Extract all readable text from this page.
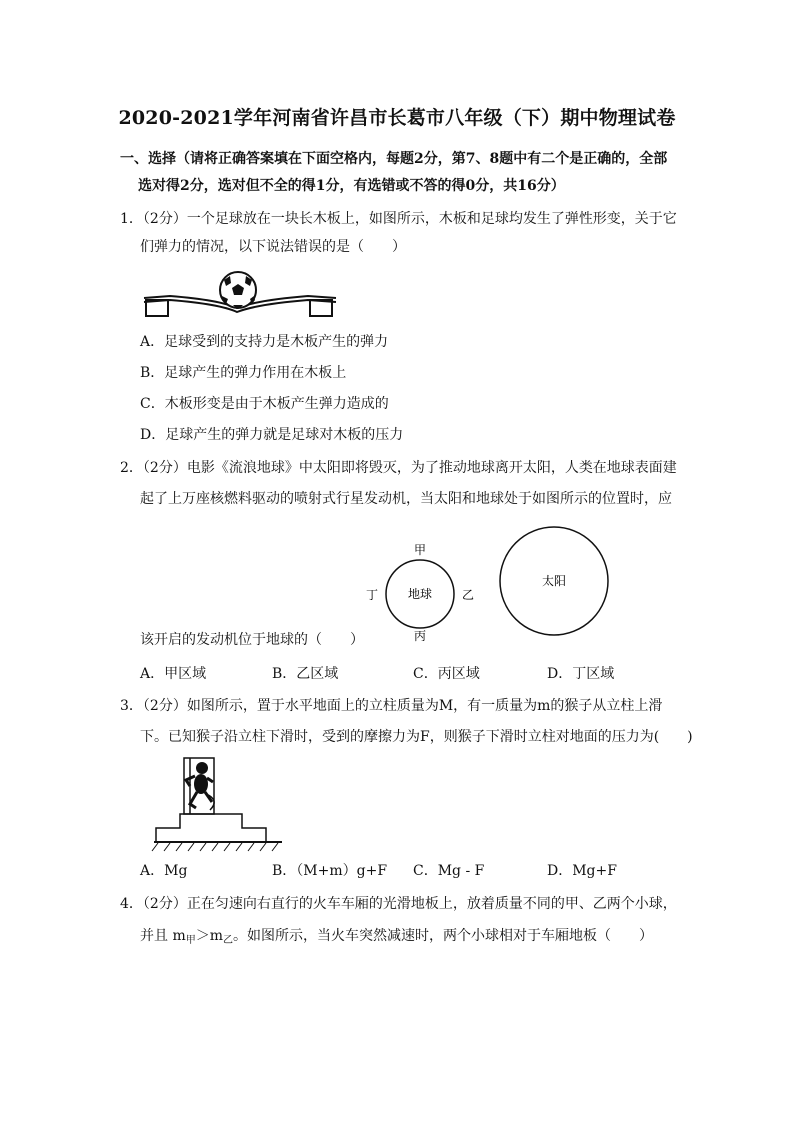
2020-2021学年河南省许昌市长葛市八年级（下）期中物理试卷
一、选择（请将正确答案填在下面空格内，每题2分，第7、8题中有二个是正确的，全部
选对得2分，选对但不全的得1分，有选错或不答的得0分，共16分）
1．（2分）一个足球放在一块长木板上，如图所示，木板和足球均发生了弹性形变，关于它
们弹力的情况，以下说法错误的是（　　）
A．足球受到的支持力是木板产生的弹力
B．足球产生的弹力作用在木板上
C．木板形变是由于木板产生弹力造成的
D．足球产生的弹力就是足球对木板的压力
2．（2分）电影《流浪地球》中太阳即将毁灭，为了推动地球离开太阳，人类在地球表面建
起了上万座核燃料驱动的喷射式行星发动机，当太阳和地球处于如图所示的位置时，应
地球
甲
丁	乙
丙
太阳
该开启的发动机位于地球的（　　）
A．甲区域	B．乙区域	C．丙区域	D．丁区域
3．（2分）如图所示，置于水平地面上的立柱质量为M，有一质量为m的猴子从立柱上滑
下。已知猴子沿立柱下滑时，受到的摩擦力为F，则猴子下滑时立柱对地面的压力为(　　)
A．Mg	B．（M+m）g+F C．Mg - F	D．Mg+F
4．（2分）正在匀速向右直行的火车车厢的光滑地板上，放着质量不同的甲、乙两个小球，
并且 $m_甲>m_乙$。如图所示，当火车突然减速时，两个小球相对于车厢地板（　　）
